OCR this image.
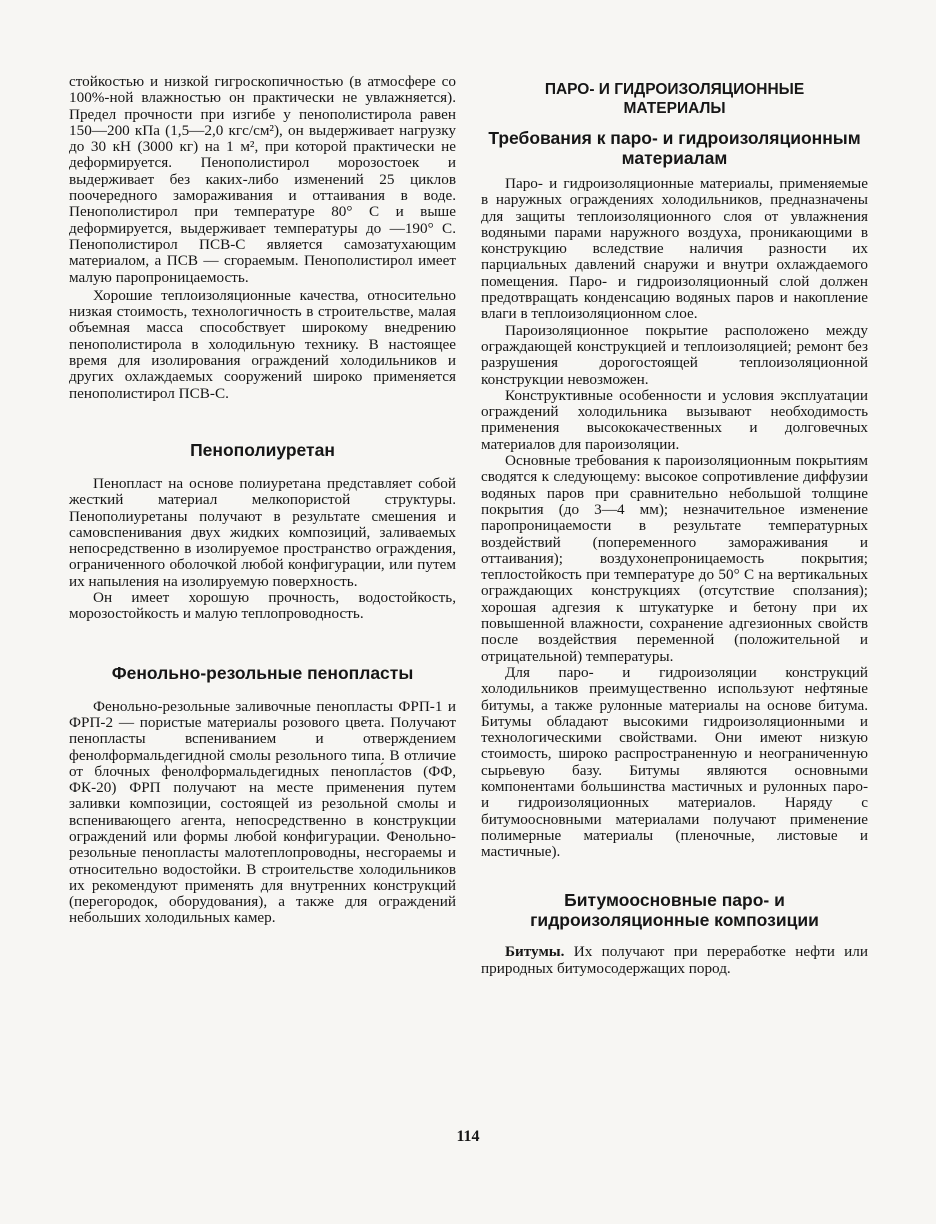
стойкостью и низкой гигроскопичностью (в атмосфере со 100%-ной влажностью он практически не увлажняется). Предел прочности при изгибе у пенополистирола равен 150—200 кПа (1,5—2,0 кгс/см²), он выдерживает нагрузку до 30 кН (3000 кг) на 1 м², при которой практически не деформируется. Пенополистирол морозостоек и выдерживает без каких-либо изменений 25 циклов поочередного замораживания и оттаивания в воде. Пенополистирол при температуре 80° С и выше деформируется, выдерживает температуры до —190° С. Пенополистирол ПСВ-С является самозатухающим материалом, а ПСВ — сгораемым. Пенополистирол имеет малую паропроницаемость.

Хорошие теплоизоляционные качества, относительно низкая стоимость, технологичность в строительстве, малая объемная масса способствует широкому внедрению пенополистирола в холодильную технику. В настоящее время для изолирования ограждений холодильников и других охлаждаемых сооружений широко применяется пенополистирол ПСВ-С.

Пенополиуретан

Пенопласт на основе полиуретана представляет собой жесткий материал мелкопористой структуры. Пенополиуретаны получают в результате смешения и самовспенивания двух жидких композиций, заливаемых непосредственно в изолируемое пространство ограждения, ограниченного оболочкой любой конфигурации, или путем их напыления на изолируемую поверхность.

Он имеет хорошую прочность, водостойкость, морозостойкость и малую теплопроводность.

Фенольно-резольные пенопласты

Фенольно-резольные заливочные пенопласты ФРП-1 и ФРП-2 — пористые материалы розового цвета. Получают пенопласты вспениванием и отверждением фенолформальдегидной смолы резольного типа. В отличие от блочных фенолформальдегидных пенопла́стов (ФФ, ФК-20) ФРП получают на месте применения путем заливки композиции, состоящей из резольной смолы и вспенивающего агента, непосредственно в конструкции ограждений или формы любой конфигурации. Фенольно-резольные пенопласты малотеплопроводны, несгораемы и относительно водостойки. В строительстве холодильников их рекомендуют применять для внутренних конструкций (перегородок, оборудования), а также для ограждений небольших холодильных камер.

ПАРО- И ГИДРОИЗОЛЯЦИОННЫЕ МАТЕРИАЛЫ
Требования к паро- и гидроизоляционным материалам

Паро- и гидроизоляционные материалы, применяемые в наружных ограждениях холодильников, предназначены для защиты теплоизоляционного слоя от увлажнения водяными парами наружного воздуха, проникающими в конструкцию вследствие наличия разности их парциальных давлений снаружи и внутри охлаждаемого помещения. Паро- и гидроизоляционный слой должен предотвращать конденсацию водяных паров и накопление влаги в теплоизоляционном слое.

Пароизоляционное покрытие расположено между ограждающей конструкцией и теплоизоляцией; ремонт без разрушения дорогостоящей теплоизоляционной конструкции невозможен.

Конструктивные особенности и условия эксплуатации ограждений холодильника вызывают необходимость применения высококачественных и долговечных материалов для пароизоляции.

Основные требования к пароизоляционным покрытиям сводятся к следующему: высокое сопротивление диффузии водяных паров при сравнительно небольшой толщине покрытия (до 3—4 мм); незначительное изменение паропроницаемости в результате температурных воздействий (попеременного замораживания и оттаивания); воздухонепроницаемость покрытия; теплостойкость при температуре до 50° С на вертикальных ограждающих конструкциях (отсутствие сползания); хорошая адгезия к штукатурке и бетону при их повышенной влажности, сохранение адгезионных свойств после воздействия переменной (положительной и отрицательной) температуры.

Для паро- и гидроизоляции конструкций холодильников преимущественно используют нефтяные битумы, а также рулонные материалы на основе битума. Битумы обладают высокими гидроизоляционными и технологическими свойствами. Они имеют низкую стоимость, широко распространенную и неограниченную сырьевую базу. Битумы являются основными компонентами большинства мастичных и рулонных паро- и гидроизоляционных материалов. Наряду с битумоосновными материалами получают применение полимерные материалы (пленочные, листовые и мастичные).

Битумоосновные паро- и гидроизоляционные композиции

Битумы. Их получают при переработке нефти или природных битумосодержащих пород.

114
